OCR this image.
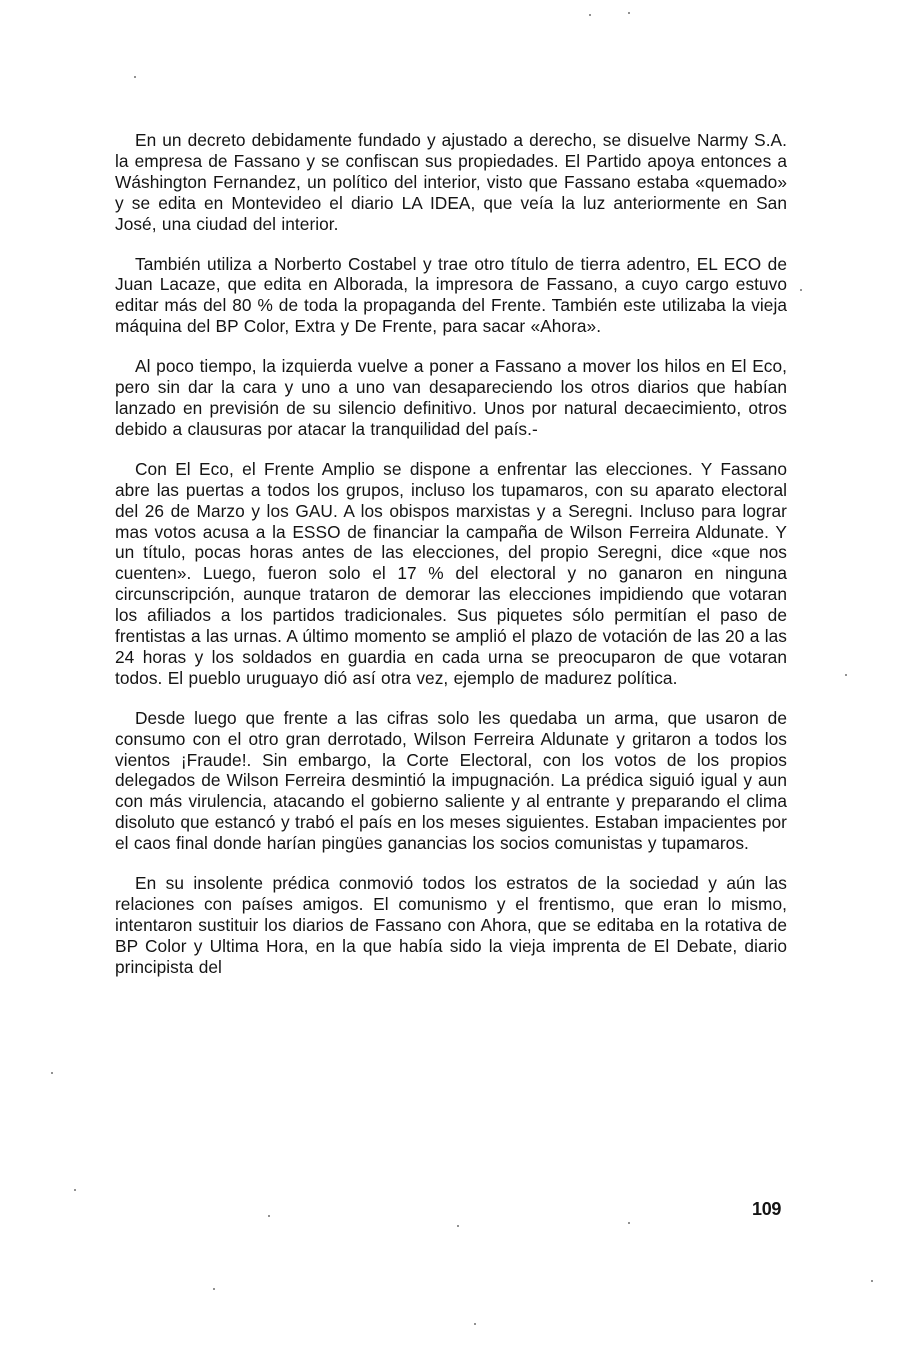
En un decreto debidamente fundado y ajustado a derecho, se disuelve Narmy S.A. la empresa de Fassano y se confiscan sus propiedades. El Partido apoya entonces a Wáshington Fernandez, un político del interior, visto que Fassano estaba «quemado» y se edita en Montevideo el diario LA IDEA, que veía la luz anteriormente en San José, una ciudad del interior.

También utiliza a Norberto Costabel y trae otro título de tierra adentro, EL ECO de Juan Lacaze, que edita en Alborada, la impresora de Fassano, a cuyo cargo estuvo editar más del 80 % de toda la propaganda del Frente. También este utilizaba la vieja máquina del BP Color, Extra y De Frente, para sacar «Ahora».

Al poco tiempo, la izquierda vuelve a poner a Fassano a mover los hilos en El Eco, pero sin dar la cara y uno a uno van desapareciendo los otros diarios que habían lanzado en previsión de su silencio definitivo. Unos por natural decaecimiento, otros debido a clausuras por atacar la tranquilidad del país.-

Con El Eco, el Frente Amplio se dispone a enfrentar las elecciones. Y Fassano abre las puertas a todos los grupos, incluso los tupamaros, con su aparato electoral del 26 de Marzo y los GAU. A los obispos marxistas y a Seregni. Incluso para lograr mas votos acusa a la ESSO de financiar la campaña de Wilson Ferreira Aldunate. Y un título, pocas horas antes de las elecciones, del propio Seregni, dice «que nos cuenten». Luego, fueron solo el 17 % del electoral y no ganaron en ninguna circunscripción, aunque trataron de demorar las elecciones impidiendo que votaran los afiliados a los partidos tradicionales. Sus piquetes sólo permitían el paso de frentistas a las urnas. A último momento se amplió el plazo de votación de las 20 a las 24 horas y los soldados en guardia en cada urna se preocuparon de que votaran todos. El pueblo uruguayo dió así otra vez, ejemplo de madurez política.

Desde luego que frente a las cifras solo les quedaba un arma, que usaron de consumo con el otro gran derrotado, Wilson Ferreira Aldunate y gritaron a todos los vientos ¡Fraude!. Sin embargo, la Corte Electoral, con los votos de los propios delegados de Wilson Ferreira desmintió la impugnación. La prédica siguió igual y aun con más virulencia, atacando el gobierno saliente y al entrante y preparando el clima disoluto que estancó y trabó el país en los meses siguientes. Estaban impacientes por el caos final donde harían pingües ganancias los socios comunistas y tupamaros.

En su insolente prédica conmovió todos los estratos de la sociedad y aún las relaciones con países amigos. El comunismo y el frentismo, que eran lo mismo, intentaron sustituir los diarios de Fassano con Ahora, que se editaba en la rotativa de BP Color y Ultima Hora, en la que había sido la vieja imprenta de El Debate, diario principista del

109
